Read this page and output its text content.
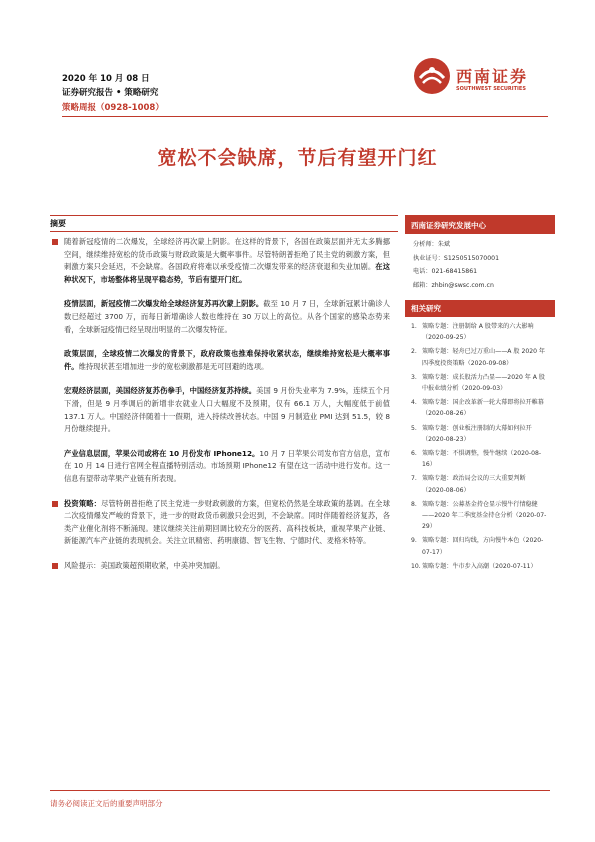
2020 年 10 月 08 日
证券研究报告 • 策略研究
策略周报（0928-1008）
西南证券
SOUTHWEST SECURITIES
宽松不会缺席，节后有望开门红
摘要

随着新冠疫情的二次爆发，全球经济再次蒙上阴影。在这样的背景下，各国在政策层面并无太多腾挪空间，继续维持宽松的货币政策与财政政策是大概率事件。尽管特朗普拒绝了民主党的刺激方案，但刺激方案只会延迟，不会缺席。各国政府将难以承受疫情二次爆发带来的经济衰退和失业加剧。在这种状况下，市场整体将呈现平稳态势，节后有望开门红。

疫情层面，新冠疫情二次爆发给全球经济复苏再次蒙上阴影。截至 10 月 7 日，全球新冠累计确诊人数已经超过 3700 万，而每日新增确诊人数也维持在 30 万以上的高位。从各个国家的感染态势来看，全球新冠疫情已经呈现出明显的二次爆发特征。

政策层面，全球疫情二次爆发的背景下，政府政策也推难保持收紧状态，继续维持宽松是大概率事件。维持现状甚至增加进一步的宽松刺激都是无可回避的选项。

宏观经济层面，美国经济复苏伤拳手，中国经济复苏持续。美国 9 月份失业率为 7.9%，连续五个月下滑，但是 9 月季调后的新增非农就业人口大幅度不及预期，仅有 66.1 万人，大幅度低于前值 137.1 万人。中国经济伴随着十一假期，进入持续改善状态。中国 9 月制造业 PMI 达到 51.5，较 8 月份继续提升。

产业信息层面，苹果公司或将在 10 月份发布 IPhone12。10 月 7 日苹果公司发布官方信息，宣布在 10 月 14 日进行官网全程直播特别活动。市场预期 IPhone12 有望在这一活动中进行发布。这一信息有望带动苹果产业链有所表现。

投资策略：尽管特朗普拒绝了民主党进一步财政刺激的方案，但宽松仍然是全球政策的基调。在全球二次疫情爆发严峻的背景下，进一步的财政货币刺激只会迟到，不会缺席。同时伴随着经济复苏，各类产业催化剂将不断涌现。建议继续关注前期回调比较充分的医药、高科技板块，重视苹果产业链、新能源汽车产业链的表现机会。关注立讯精密、药明康德、智飞生物、宁德时代、麦格米特等。

风险提示：美国政策超预期收紧，中美冲突加剧。

西南证券研究发展中心
分析师：朱斌
执业证号：S1250515070001
电话：021-68415861
邮箱：zhbin@swsc.com.cn
相关研究
1. 策略专题：注册制给 A 股带来的六大影响（2020-09-25）
2. 策略专题：轻舟已过万重山——A 股 2020 年四季度投资策略（2020-09-08）
3. 策略专题：成长股活力凸显——2020 年 A 股中报业绩分析（2020-09-03）
4. 策略专题：国企改革新一轮大幕即将拉开帷幕（2020-08-26）
5. 策略专题：创业板注册制的大幕如何拉开（2020-08-23）
6. 策略专题：不惧调整，慢牛继续（2020-08-16）
7. 策略专题：政治局会议的三大重要判断（2020-08-06）
8. 策略专题：公募基金持仓显示慢牛行情稳健——2020 年二季度基金持仓分析（2020-07-29）
9. 策略专题：回归均线，方向慢牛本色（2020-07-17）
10. 策略专题：牛市步入高潮（2020-07-11）
请务必阅读正文后的重要声明部分
